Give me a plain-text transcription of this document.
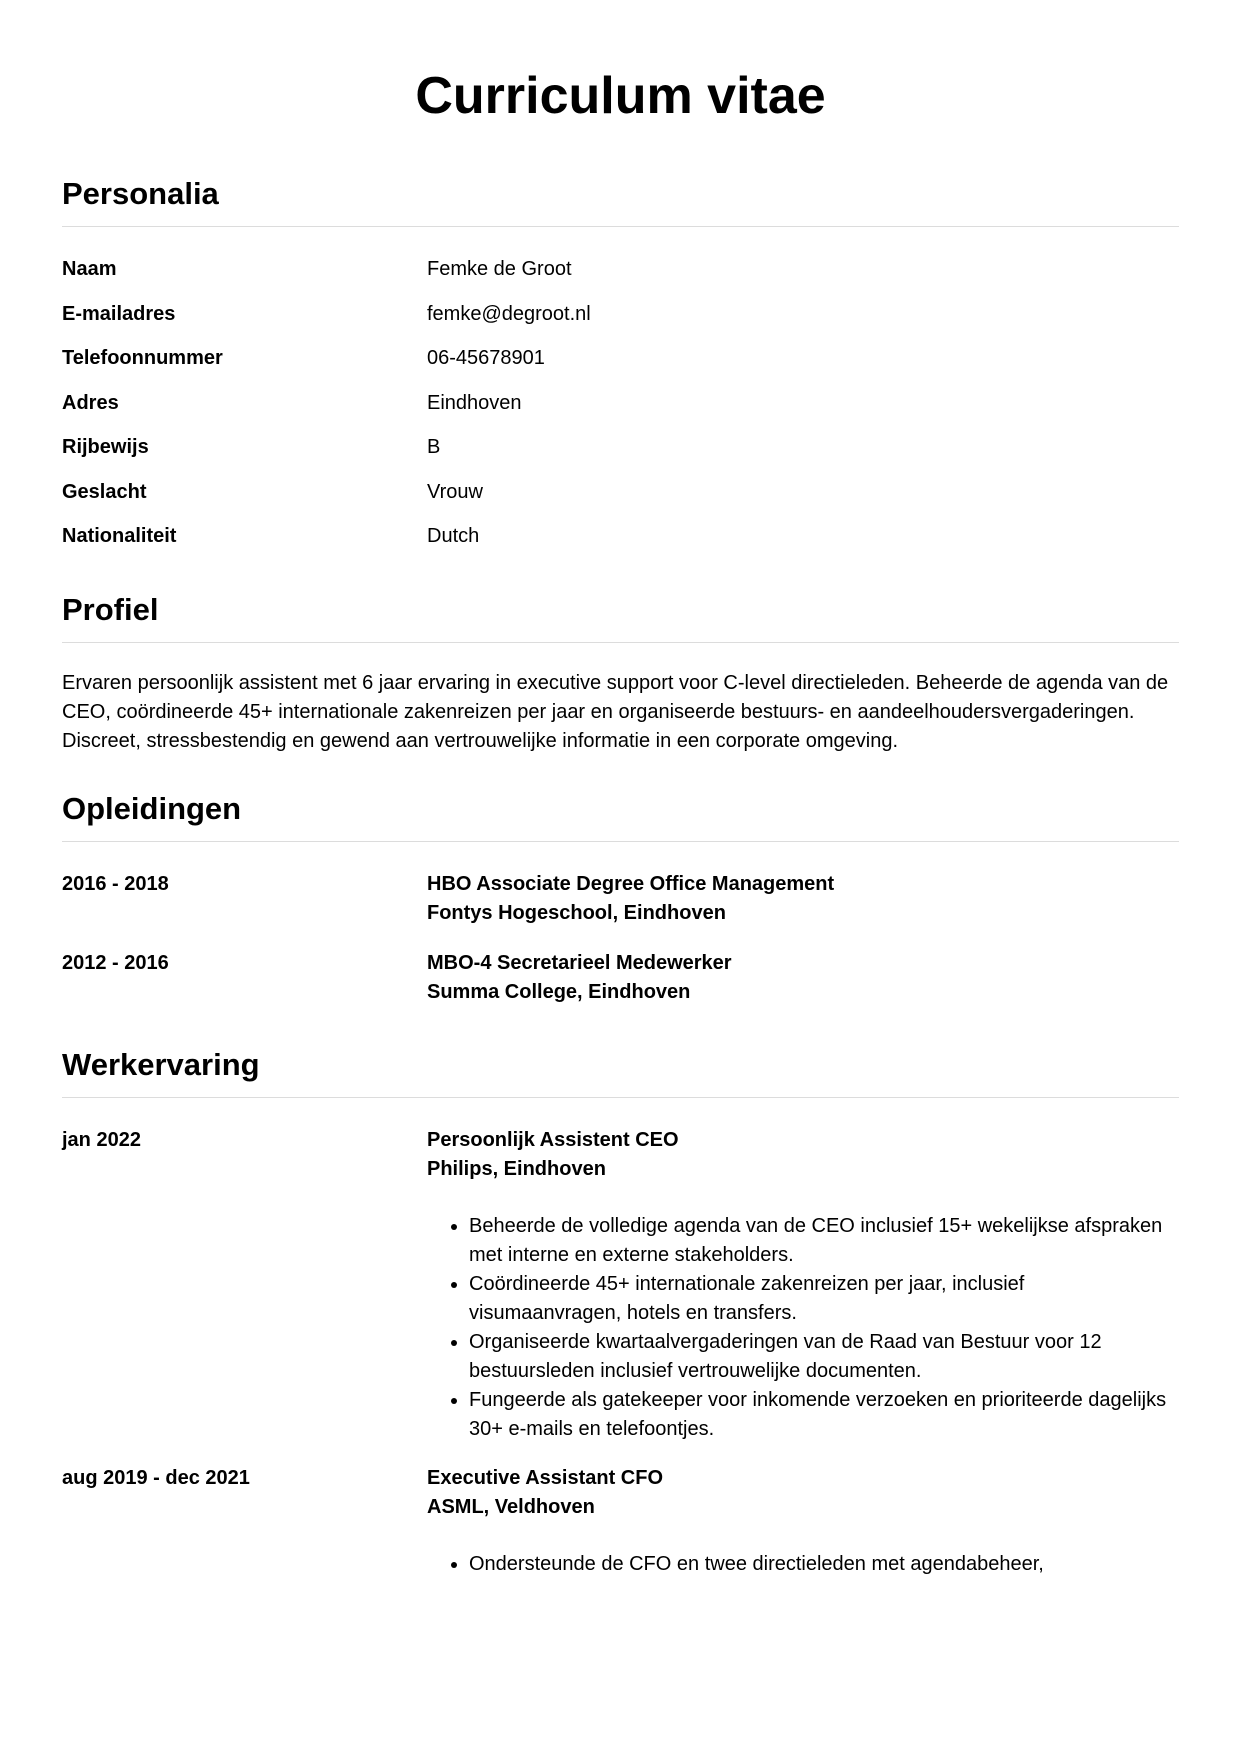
Curriculum vitae
Personalia
Naam	Femke de Groot
E-mailadres	femke@degroot.nl
Telefoonnummer	06-45678901
Adres	Eindhoven
Rijbewijs	B
Geslacht	Vrouw
Nationaliteit	Dutch
Profiel

Ervaren persoonlijk assistent met 6 jaar ervaring in executive support voor C-level directieleden. Beheerde de agenda van de CEO, coördineerde 45+ internationale zakenreizen per jaar en organiseerde bestuurs- en aandeelhoudersvergaderingen. Discreet, stressbestendig en gewend aan vertrouwelijke informatie in een corporate omgeving.

Opleidingen
2016 - 2018	HBO Associate Degree Office Management
Fontys Hogeschool, Eindhoven
2012 - 2016	MBO-4 Secretarieel Medewerker
Summa College, Eindhoven
Werkervaring
jan 2022	Persoonlijk Assistent CEO
Philips, Eindhoven
• Beheerde de volledige agenda van de CEO inclusief 15+ wekelijkse afspraken met interne en externe stakeholders.
• Coördineerde 45+ internationale zakenreizen per jaar, inclusief visumaanvragen, hotels en transfers.
• Organiseerde kwartaalvergaderingen van de Raad van Bestuur voor 12 bestuursleden inclusief vertrouwelijke documenten.
• Fungeerde als gatekeeper voor inkomende verzoeken en prioriteerde dagelijks 30+ e-mails en telefoontjes.
aug 2019 - dec 2021	Executive Assistant CFO
ASML, Veldhoven
• Ondersteunde de CFO en twee directieleden met agendabeheer,
